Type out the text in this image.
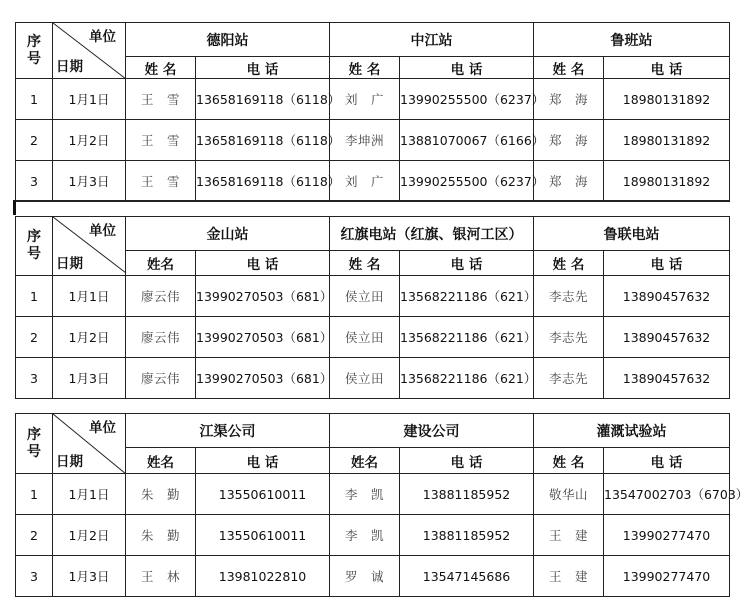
序
号	单位
日期	德阳站		中江站		鲁班站	
		姓 名	电 话	姓 名	电 话	姓 名	电 话
1	1月1日	王　雪	13658169118（6118）	刘　广	13990255500（6237）	郑　海	18980131892
2	1月2日	王　雪	13658169118（6118）	李坤洲	13881070067（6166）	郑　海	18980131892
3	1月3日	王　雪	13658169118（6118）	刘　广	13990255500（6237）	郑　海	18980131892
序
号	单位
日期	金山站		红旗电站（红旗、银河工区）		鲁联电站	
		姓名	电 话	姓 名	电 话	姓 名	电 话
1	1月1日	廖云伟	13990270503（681）	侯立田	13568221186（621）	李志先	13890457632
2	1月2日	廖云伟	13990270503（681）	侯立田	13568221186（621）	李志先	13890457632
3	1月3日	廖云伟	13990270503（681）	侯立田	13568221186（621）	李志先	13890457632
序
号	单位
日期	江渠公司		建设公司		灌溉试验站	
		姓名	电 话	姓名	电 话	姓 名	电 话
1	1月1日	朱　勤	13550610011	李　凯	13881185952	敬华山	13547002703（6703）
2	1月2日	朱　勤	13550610011	李　凯	13881185952	王　建	13990277470
3	1月3日	王　林	13981022810	罗　诚	13547145686	王　建	13990277470
